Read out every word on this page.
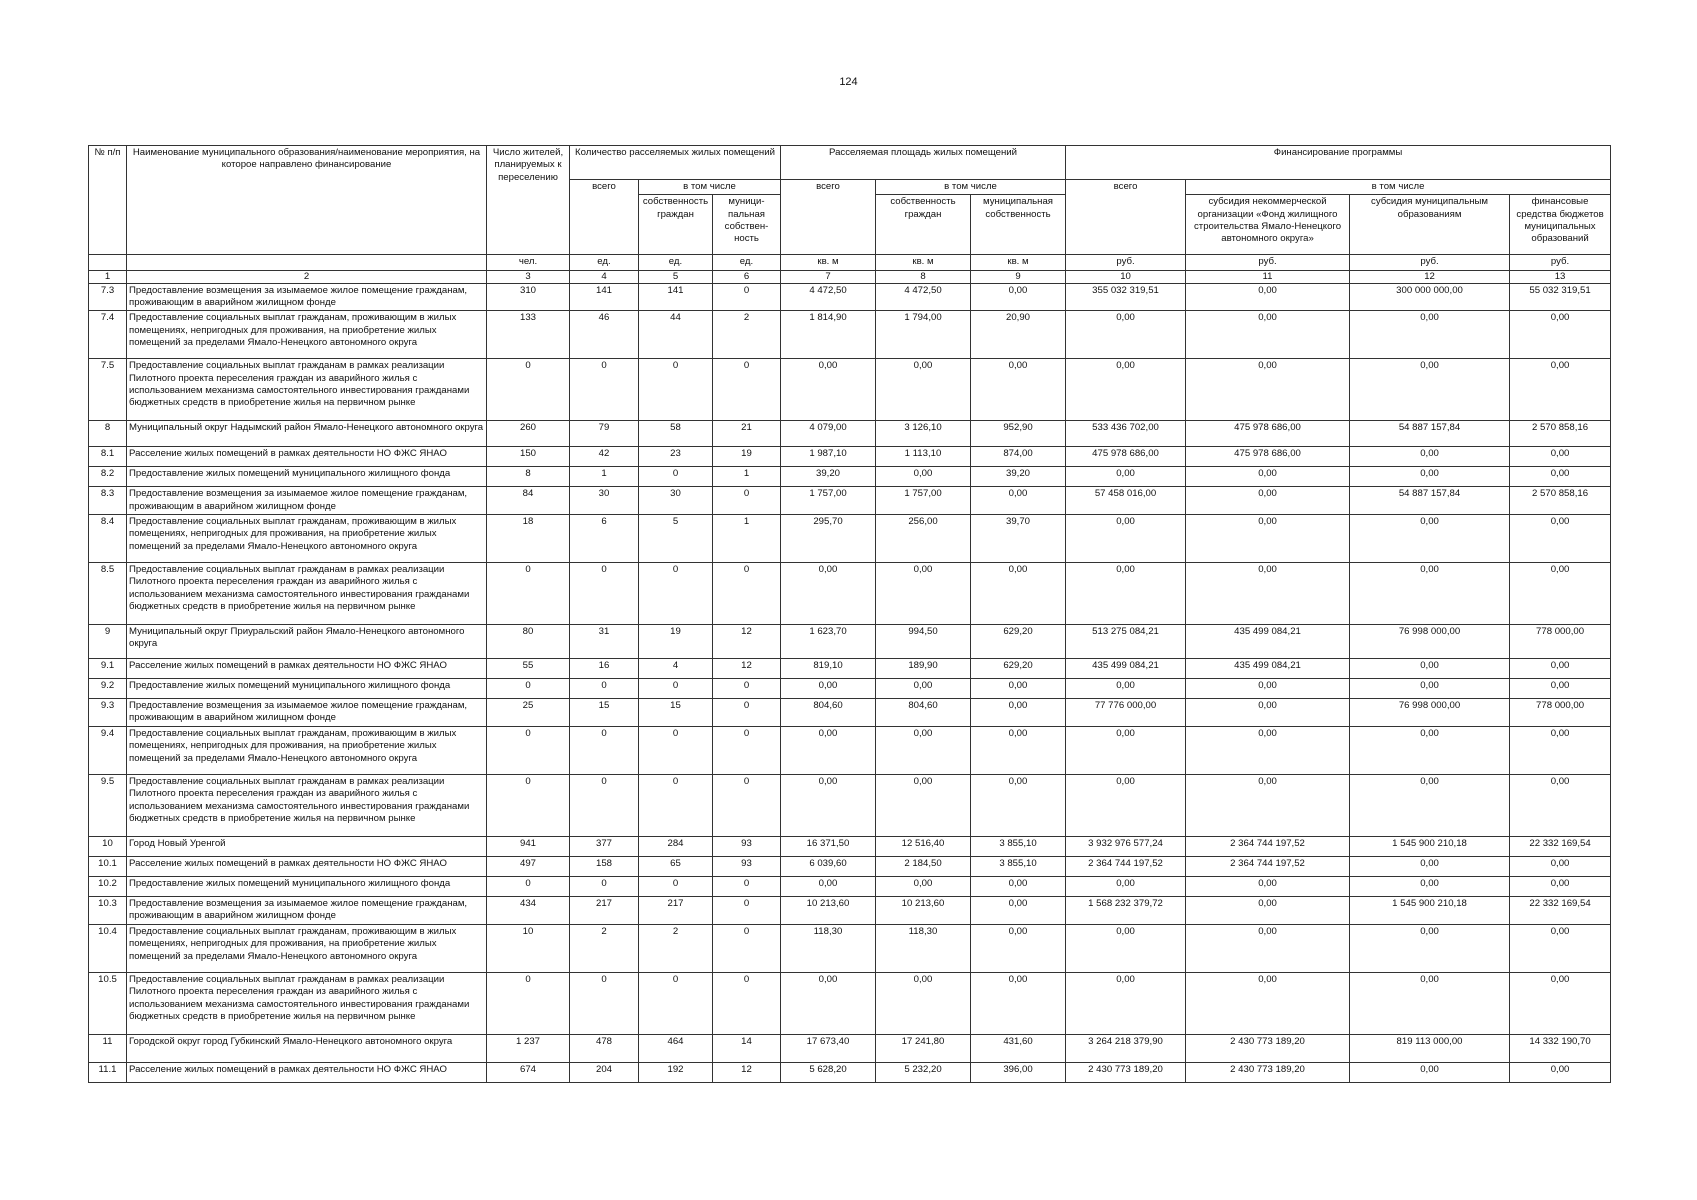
124
№ п/п	Наименование муниципального образования/наименование мероприятия, на которое направлено финансирование	Число жителей, планируемых к переселению	Количество расселяемых жилых помещений			Расселяемая площадь жилых помещений			Финансирование программы			
			всего	в том числе		всего	в том числе		всего	в том числе		
				собственность граждан	муници-пальная собствен-ность		собственность граждан	муниципальная собственность		субсидия некоммерческой организации «Фонд жилищного строительства Ямало-Ненецкого автономного округа»	субсидия муниципальным образованиям	финансовые средства бюджетов муниципальных образований
		чел.	ед.	ед.	ед.	кв. м	кв. м	кв. м	руб.	руб.	руб.	руб.
1	2	3	4	5	6	7	8	9	10	11	12	13
7.3	Предоставление возмещения за изымаемое жилое помещение гражданам, проживающим в аварийном жилищном фонде	310	141	141	0	4 472,50	4 472,50	0,00	355 032 319,51	0,00	300 000 000,00	55 032 319,51
7.4	Предоставление социальных выплат гражданам, проживающим в жилых помещениях, непригодных для проживания, на приобретение жилых помещений за пределами Ямало-Ненецкого автономного округа	133	46	44	2	1 814,90	1 794,00	20,90	0,00	0,00	0,00	0,00
7.5	Предоставление социальных выплат гражданам в рамках реализации Пилотного проекта переселения граждан из аварийного жилья с использованием механизма самостоятельного инвестирования гражданами бюджетных средств в приобретение жилья на первичном рынке	0	0	0	0	0,00	0,00	0,00	0,00	0,00	0,00	0,00
8	Муниципальный округ Надымский район Ямало-Ненецкого автономного округа	260	79	58	21	4 079,00	3 126,10	952,90	533 436 702,00	475 978 686,00	54 887 157,84	2 570 858,16
8.1	Расселение жилых помещений в рамках деятельности НО ФЖС ЯНАО	150	42	23	19	1 987,10	1 113,10	874,00	475 978 686,00	475 978 686,00	0,00	0,00
8.2	Предоставление жилых помещений муниципального жилищного фонда	8	1	0	1	39,20	0,00	39,20	0,00	0,00	0,00	0,00
8.3	Предоставление возмещения за изымаемое жилое помещение гражданам, проживающим в аварийном жилищном фонде	84	30	30	0	1 757,00	1 757,00	0,00	57 458 016,00	0,00	54 887 157,84	2 570 858,16
8.4	Предоставление социальных выплат гражданам, проживающим в жилых помещениях, непригодных для проживания, на приобретение жилых помещений за пределами Ямало-Ненецкого автономного округа	18	6	5	1	295,70	256,00	39,70	0,00	0,00	0,00	0,00
8.5	Предоставление социальных выплат гражданам в рамках реализации Пилотного проекта переселения граждан из аварийного жилья с использованием механизма самостоятельного инвестирования гражданами бюджетных средств в приобретение жилья на первичном рынке	0	0	0	0	0,00	0,00	0,00	0,00	0,00	0,00	0,00
9	Муниципальный округ Приуральский район Ямало-Ненецкого автономного округа	80	31	19	12	1 623,70	994,50	629,20	513 275 084,21	435 499 084,21	76 998 000,00	778 000,00
9.1	Расселение жилых помещений в рамках деятельности НО ФЖС ЯНАО	55	16	4	12	819,10	189,90	629,20	435 499 084,21	435 499 084,21	0,00	0,00
9.2	Предоставление жилых помещений муниципального жилищного фонда	0	0	0	0	0,00	0,00	0,00	0,00	0,00	0,00	0,00
9.3	Предоставление возмещения за изымаемое жилое помещение гражданам, проживающим в аварийном жилищном фонде	25	15	15	0	804,60	804,60	0,00	77 776 000,00	0,00	76 998 000,00	778 000,00
9.4	Предоставление социальных выплат гражданам, проживающим в жилых помещениях, непригодных для проживания, на приобретение жилых помещений за пределами Ямало-Ненецкого автономного округа	0	0	0	0	0,00	0,00	0,00	0,00	0,00	0,00	0,00
9.5	Предоставление социальных выплат гражданам в рамках реализации Пилотного проекта переселения граждан из аварийного жилья с использованием механизма самостоятельного инвестирования гражданами бюджетных средств в приобретение жилья на первичном рынке	0	0	0	0	0,00	0,00	0,00	0,00	0,00	0,00	0,00
10	Город Новый Уренгой	941	377	284	93	16 371,50	12 516,40	3 855,10	3 932 976 577,24	2 364 744 197,52	1 545 900 210,18	22 332 169,54
10.1	Расселение жилых помещений в рамках деятельности НО ФЖС ЯНАО	497	158	65	93	6 039,60	2 184,50	3 855,10	2 364 744 197,52	2 364 744 197,52	0,00	0,00
10.2	Предоставление жилых помещений муниципального жилищного фонда	0	0	0	0	0,00	0,00	0,00	0,00	0,00	0,00	0,00
10.3	Предоставление возмещения за изымаемое жилое помещение гражданам, проживающим в аварийном жилищном фонде	434	217	217	0	10 213,60	10 213,60	0,00	1 568 232 379,72	0,00	1 545 900 210,18	22 332 169,54
10.4	Предоставление социальных выплат гражданам, проживающим в жилых помещениях, непригодных для проживания, на приобретение жилых помещений за пределами Ямало-Ненецкого автономного округа	10	2	2	0	118,30	118,30	0,00	0,00	0,00	0,00	0,00
10.5	Предоставление социальных выплат гражданам в рамках реализации Пилотного проекта переселения граждан из аварийного жилья с использованием механизма самостоятельного инвестирования гражданами бюджетных средств в приобретение жилья на первичном рынке	0	0	0	0	0,00	0,00	0,00	0,00	0,00	0,00	0,00
11	Городской округ город Губкинский Ямало-Ненецкого автономного округа	1 237	478	464	14	17 673,40	17 241,80	431,60	3 264 218 379,90	2 430 773 189,20	819 113 000,00	14 332 190,70
11.1	Расселение жилых помещений в рамках деятельности НО ФЖС ЯНАО	674	204	192	12	5 628,20	5 232,20	396,00	2 430 773 189,20	2 430 773 189,20	0,00	0,00
